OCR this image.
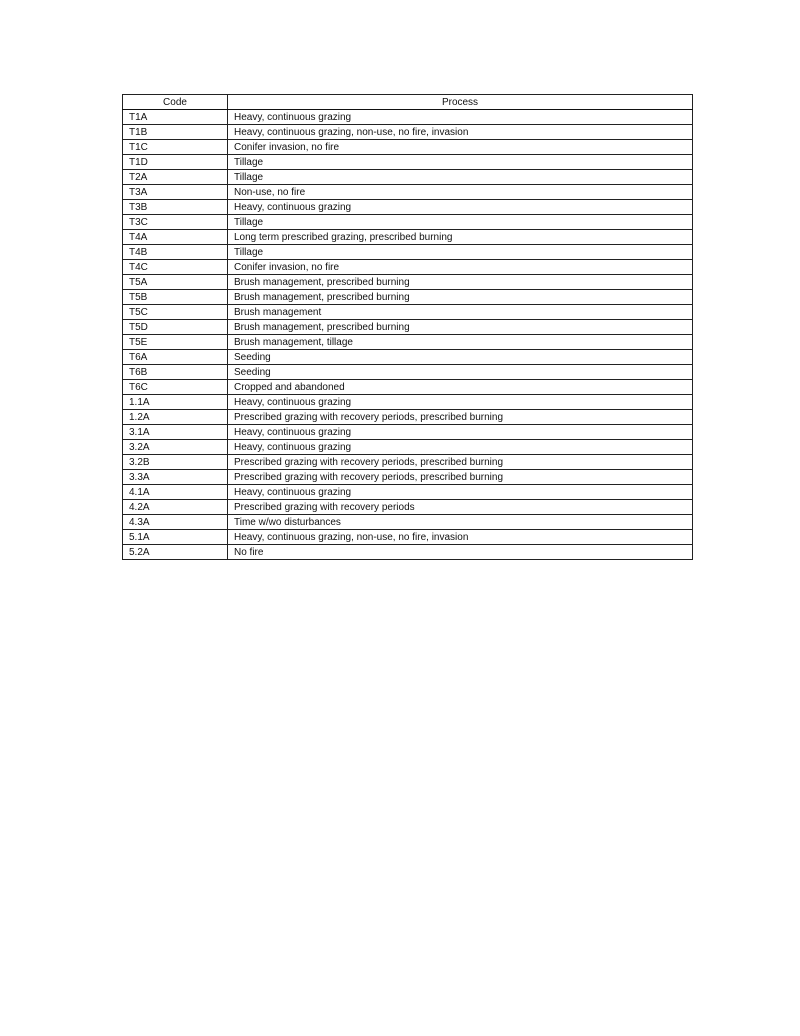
Code	Process
T1A	Heavy, continuous grazing
T1B	Heavy, continuous grazing, non-use, no fire, invasion
T1C	Conifer invasion, no fire
T1D	Tillage
T2A	Tillage
T3A	Non-use, no fire
T3B	Heavy, continuous grazing
T3C	Tillage
T4A	Long term prescribed grazing, prescribed burning
T4B	Tillage
T4C	Conifer invasion, no fire
T5A	Brush management, prescribed burning
T5B	Brush management, prescribed burning
T5C	Brush management
T5D	Brush management, prescribed burning
T5E	Brush management, tillage
T6A	Seeding
T6B	Seeding
T6C	Cropped and abandoned
1.1A	Heavy, continuous grazing
1.2A	Prescribed grazing with recovery periods, prescribed burning
3.1A	Heavy, continuous grazing
3.2A	Heavy, continuous grazing
3.2B	Prescribed grazing with recovery periods, prescribed burning
3.3A	Prescribed grazing with recovery periods, prescribed burning
4.1A	Heavy, continuous grazing
4.2A	Prescribed grazing with recovery periods
4.3A	Time w/wo disturbances
5.1A	Heavy, continuous grazing, non-use, no fire, invasion
5.2A	No fire
